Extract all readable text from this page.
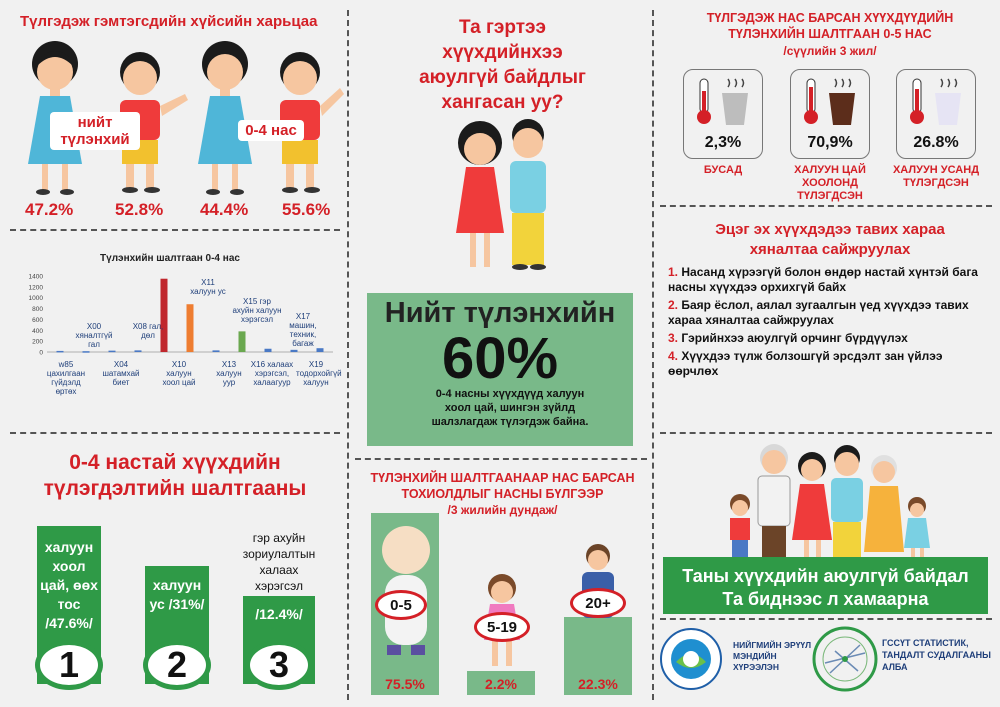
Түлгэдэж гэмтэгсдийн хүйсийн харьцаа
нийт түлэнхий
0-4 нас
47.2% 52.8% 44.4% 55.6%
Түлэнхийн шалтгаан 0-4 нас
0
200
400
600
800
1000
1200
1400
w85 цахилгаан гүйдэлд өртөх
X00 хяналтгүй гал
X04 шатамхай биет
X08 гал, дөл
X10 халуун хоол цай
X11 халуун ус
X13 халуун уур
X15 гэр ахуйн халуун хэрэгсэл
X16 халаах хэрэгсэл, халаагуур
X17 машин, техник, багаж
X19 тодорхойгүй халуун
0-4 настай хүүхдийн түлэгдэлтийн шалтгааны
халуун хоол цай, өөх тос /47.6%/
халуун ус /31%/
гэр ахуйн зориулалтын халаах хэрэгсэл
/12.4%/
1	2	3
Та гэртээ хүүхдийнхээ аюулгүй байдлыг хангасан уу?
Нийт түлэнхийн
60%
0-4 насны хүүхдүүд халуун хоол цай, шингэн зүйлд шалзлагдаж түлэгдэж байна.
ТҮЛЭНХИЙН ШАЛТГААНААР НАС БАРСАН ТОХИОЛДЛЫГ НАСНЫ БҮЛГЭЭР
/3 жилийн дундаж/
0-5
5-19
20+
75.5%	2.2%	22.3%
ТҮЛГЭДЭЖ НАС БАРСАН ХҮҮХДҮҮДИЙН ТҮЛЭНХИЙН ШАЛТГААН 0-5 НАС
/сүүлийн 3 жил/
2,3%	70,9%	26.8%
БУСАД	ХАЛУУН ЦАЙ ХООЛОНД ТҮЛЭГДСЭН
ХАЛУУН УСАНД ТҮЛЭГДСЭН
Эцэг эх хүүхдэдээ тавих хараа хяналтаа сайжруулах
1. Насанд хүрээгүй болон өндөр настай хүнтэй бага насны хүүхдээ орхихгүй байх
2. Баяр ёслол, аялал зугаалгын үед хүүхдээ тавих хараа хяналтаа сайжруулах
3. Гэрийнхээ аюулгүй орчинг бүрдүүлэх
4. Хүүхдээ түлж болзошгүй эрсдэлт зан үйлээ өөрчлөх
Таны хүүхдийн аюулгүй байдал
Та биднээс л хамаарна
НИЙГМИЙН ЭРҮҮЛ МЭНДИЙН ХҮРЭЭЛЭН
ГССҮТ СТАТИСТИК, ТАНДАЛТ СУДАЛГААНЫ АЛБА
